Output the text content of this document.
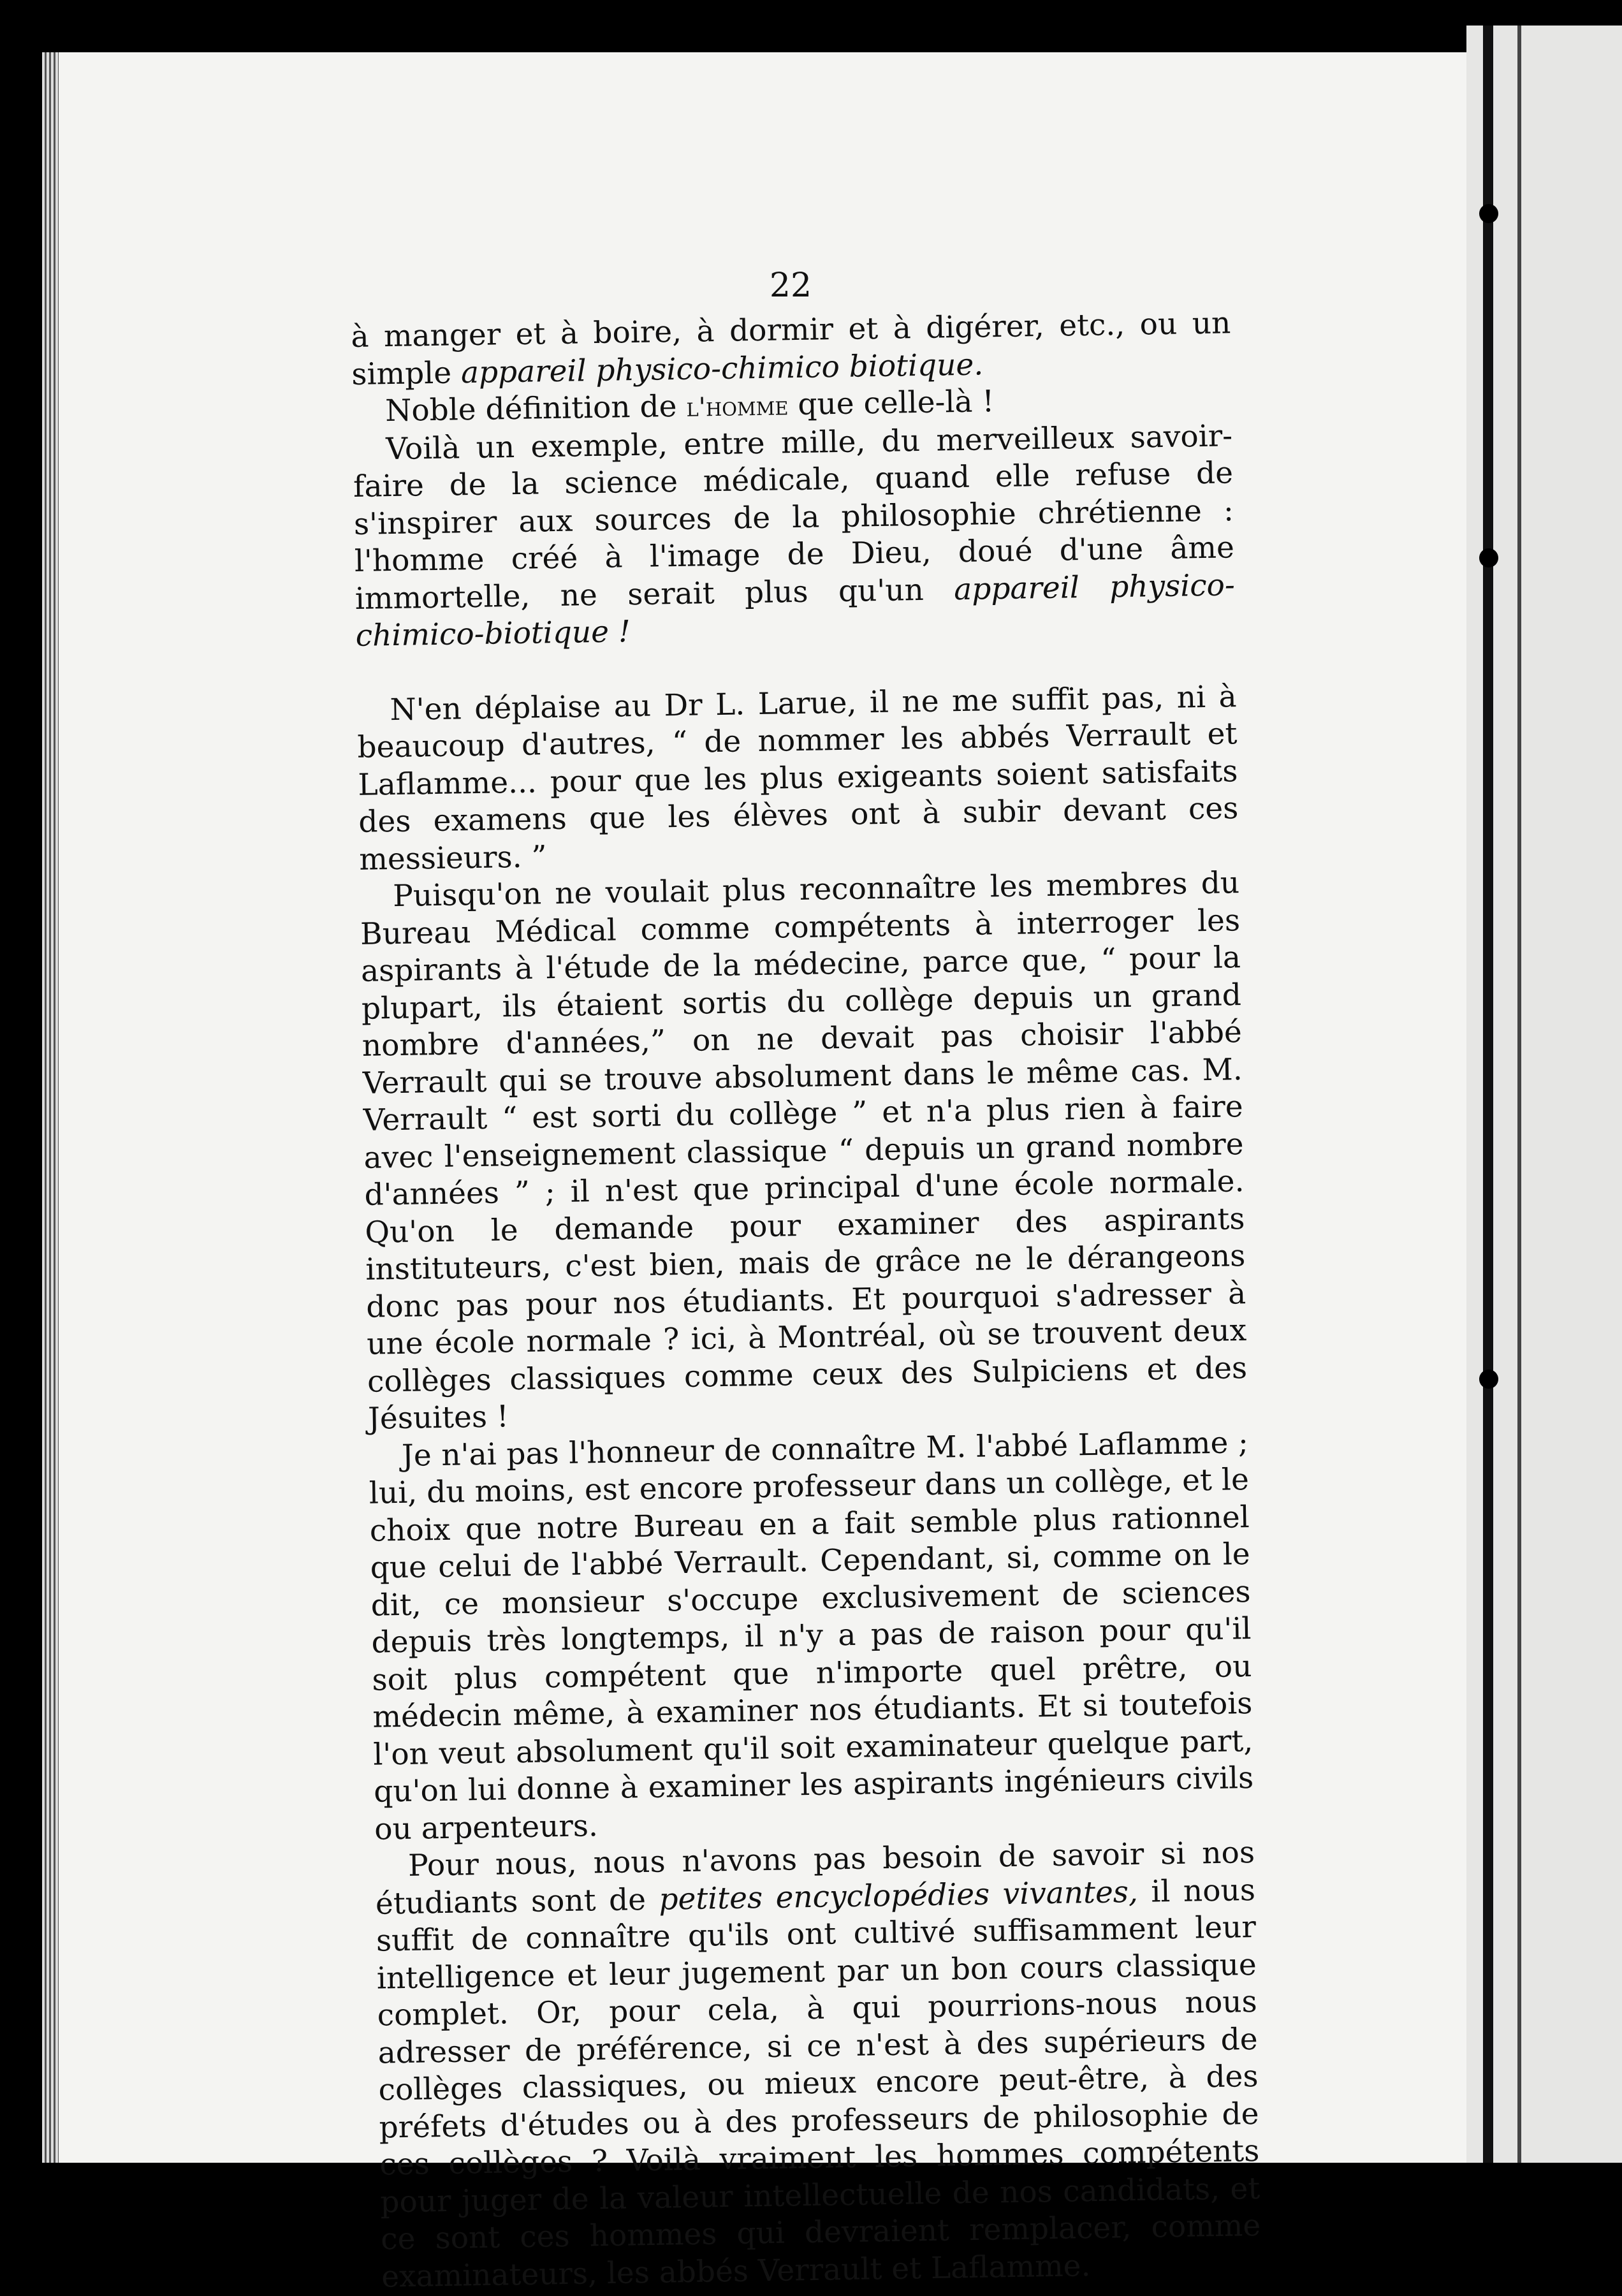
22

à manger et à boire, à dormir et à digérer, etc., ou un simple appareil physico-chimico biotique.

Noble définition de l'homme que celle-là !

Voilà un exemple, entre mille, du merveilleux savoir-faire de la science médicale, quand elle refuse de s'inspirer aux sources de la philosophie chrétienne : l'homme créé à l'image de Dieu, doué d'une âme immortelle, ne serait plus qu'un appareil physico-chimico-biotique !

N'en déplaise au Dr L. Larue, il ne me suffit pas, ni à beaucoup d'autres, “ de nommer les abbés Verrault et Laflamme... pour que les plus exigeants soient satisfaits des examens que les élèves ont à subir devant ces messieurs. ”

Puisqu'on ne voulait plus reconnaître les membres du Bureau Médical comme compétents à interroger les aspirants à l'étude de la médecine, parce que, “ pour la plupart, ils étaient sortis du collège depuis un grand nombre d'années,” on ne devait pas choisir l'abbé Verrault qui se trouve absolument dans le même cas. M. Verrault “ est sorti du collège ” et n'a plus rien à faire avec l'enseignement classique “ depuis un grand nombre d'années ” ; il n'est que principal d'une école normale. Qu'on le demande pour examiner des aspirants instituteurs, c'est bien, mais de grâce ne le dérangeons donc pas pour nos étudiants. Et pourquoi s'adresser à une école normale ? ici, à Montréal, où se trouvent deux collèges classiques comme ceux des Sulpiciens et des Jésuites !

Je n'ai pas l'honneur de connaître M. l'abbé Laflamme ; lui, du moins, est encore professeur dans un collège, et le choix que notre Bureau en a fait semble plus rationnel que celui de l'abbé Verrault. Cependant, si, comme on le dit, ce monsieur s'occupe exclusivement de sciences depuis très longtemps, il n'y a pas de raison pour qu'il soit plus compétent que n'importe quel prêtre, ou médecin même, à examiner nos étudiants. Et si toutefois l'on veut absolument qu'il soit examinateur quelque part, qu'on lui donne à examiner les aspirants ingénieurs civils ou arpenteurs.

Pour nous, nous n'avons pas besoin de savoir si nos étudiants sont de petites encyclopédies vivantes, il nous suffit de connaître qu'ils ont cultivé suffisamment leur intelligence et leur jugement par un bon cours classique complet. Or, pour cela, à qui pourrions-nous nous adresser de préférence, si ce n'est à des supérieurs de collèges classiques, ou mieux encore peut-être, à des préfets d'études ou à des professeurs de philosophie de ces collèges ? Voilà vraiment les hommes compétents pour juger de la valeur intellectuelle de nos candidats, et ce sont ces hommes qui devraient remplacer, comme examinateurs, les abbés Verrault et Laflamme.
